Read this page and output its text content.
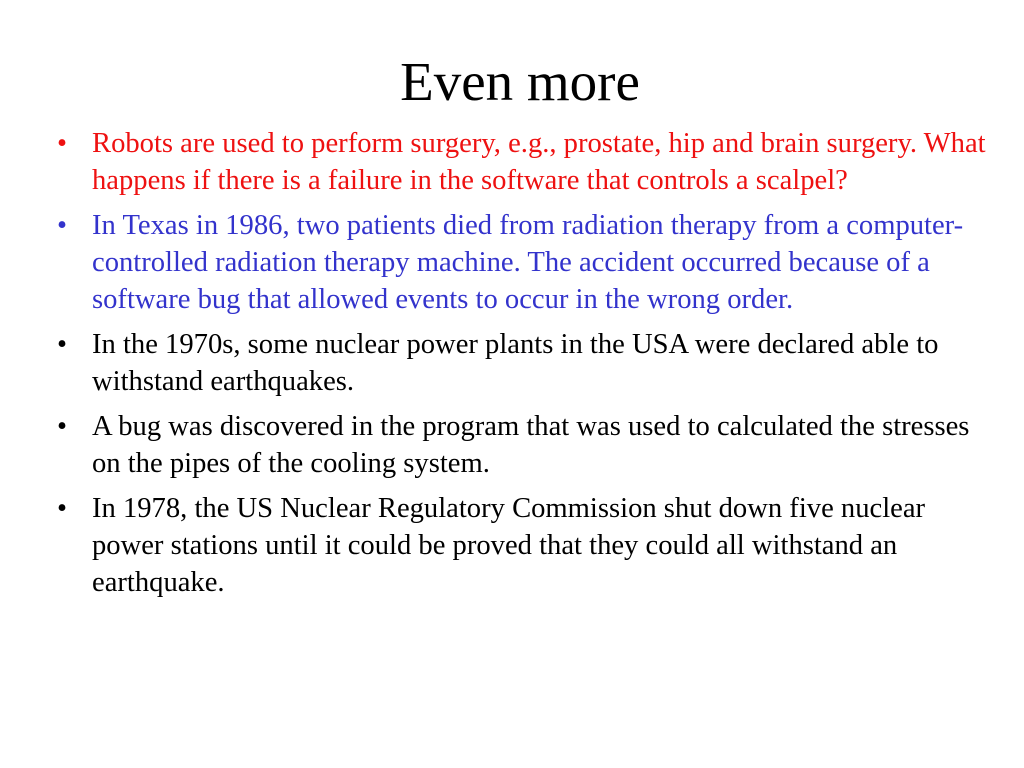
Even more
• Robots are used to perform surgery, e.g., prostate, hip and brain surgery. What happens if there is a failure in the software that controls a scalpel?
• In Texas in 1986, two patients died from radiation therapy from a computer-controlled radiation therapy machine. The accident occurred because of a software bug that allowed events to occur in the wrong order.
• In the 1970s, some nuclear power plants in the USA were declared able to withstand earthquakes.
• A bug was discovered in the program that was used to calculated the stresses on the pipes of the cooling system.
• In 1978, the US Nuclear Regulatory Commission shut down five nuclear power stations until it could be proved that they could all withstand an earthquake.
